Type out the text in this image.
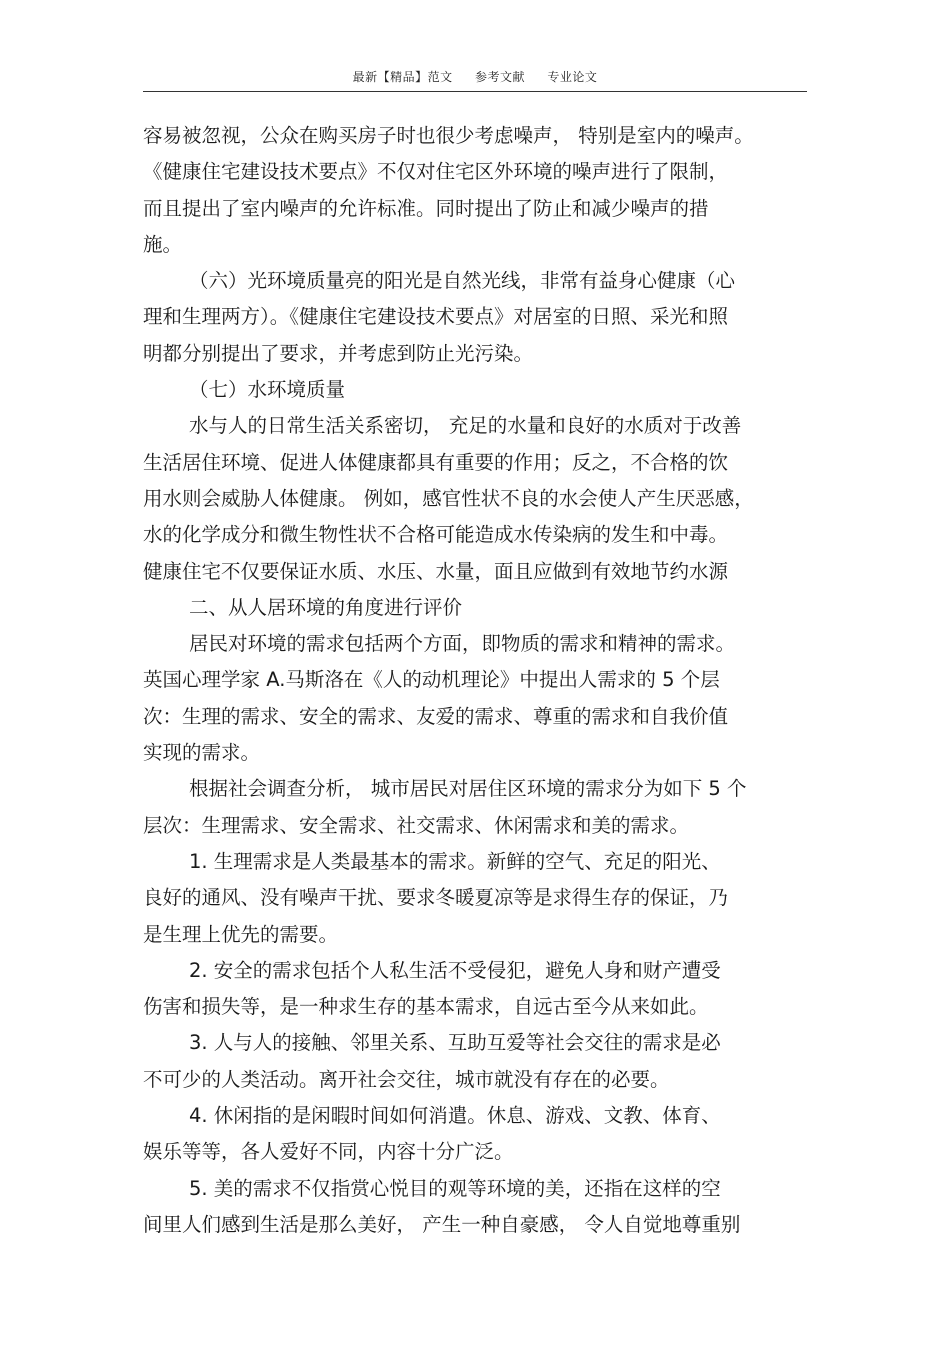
最新【精品】范文 参考文献 专业论文
容易被忽视，公众在购买房子时也很少考虑噪声， 特别是室内的噪声。
《健康住宅建设技术要点》不仅对住宅区外环境的噪声进行了限制，
而且提出了室内噪声的允许标准。同时提出了防止和减少噪声的措
施。
（六）光环境质量亮的阳光是自然光线，非常有益身心健康（心
理和生理两方）。《健康住宅建设技术要点》对居室的日照、采光和照
明都分别提出了要求，并考虑到防止光污染。
（七）水环境质量
水与人的日常生活关系密切， 充足的水量和良好的水质对于改善
生活居住环境、促进人体健康都具有重要的作用；反之，不合格的饮
用水则会威胁人体健康。 例如，感官性状不良的水会使人产生厌恶感，
水的化学成分和微生物性状不合格可能造成水传染病的发生和中毒。
健康住宅不仅要保证水质、水压、水量，面且应做到有效地节约水源
二、从人居环境的角度进行评价
居民对环境的需求包括两个方面，即物质的需求和精神的需求。
英国心理学家 A.马斯洛在《人的动机理论》中提出人需求的 5 个层
次：生理的需求、安全的需求、友爱的需求、尊重的需求和自我价值
实现的需求。
根据社会调查分析， 城市居民对居住区环境的需求分为如下 5 个
层次：生理需求、安全需求、社交需求、休闲需求和美的需求。
1. 生理需求是人类最基本的需求。新鲜的空气、充足的阳光、
良好的通风、没有噪声干扰、要求冬暖夏凉等是求得生存的保证，乃
是生理上优先的需要。
2. 安全的需求包括个人私生活不受侵犯，避免人身和财产遭受
伤害和损失等，是一种求生存的基本需求，自远古至今从来如此。
3. 人与人的接触、邻里关系、互助互爱等社会交往的需求是必
不可少的人类活动。离开社会交往，城市就没有存在的必要。
4. 休闲指的是闲暇时间如何消遣。休息、游戏、文教、体育、
娱乐等等，各人爱好不同，内容十分广泛。
5. 美的需求不仅指赏心悦目的观等环境的美，还指在这样的空
间里人们感到生活是那么美好， 产生一种自豪感， 令人自觉地尊重别
